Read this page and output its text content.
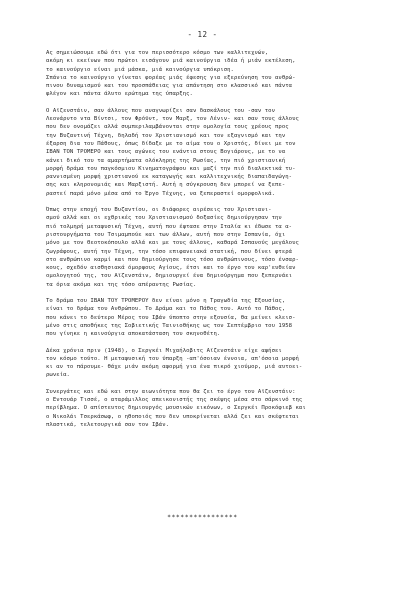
- 12 -

Ας σημειώσουμε εδώ ότι για τον περισσότερο κόσμο των καλλιτεχνών,

ακόμη κι εκείνων που πρώτοι εισάγουν μιά καινούργια ιδέα ή μιάν εκτέλεση,

το καινούργιο είναι μιά μάσκα, μιά καινούργια υπόκριση.

Σπάνια το καινούργιο γίνεται φορέας μιάς έφεσης για εξερεύνηση του ανθρώ-

πινου δυναμισμού και του προσπάθειας για απάντηση στο κλασσικό και πάντα

φλέγον και πάντα άλυτο ερώτημα της ύπαρξης.

Ο Αϊζενστάιν, σαν άλλους που αναγνωρίζει σαν δασκάλους του -σαν τον

Λεονάρντο ντα Βίντσι, τον Φρόϋντ, τον Μαρξ, τον Λένιν- και σαν τους άλλους

που δεν ονομάζει αλλά συμπεριλαμβάνονται στην ομολογία τους χρέους προς

την Βυζαντινή Τέχνη, δηλαδή τον Χριστιανισμό και τον εξαγνισμό και την

έξαρση δια του Πάθους, όπως δίδαξε με το αίμα του ο Χριστός, δίνει με τον

ΙΒΑΝ ΤΟΝ ΤΡΟΜΕΡΟ και τους αγώνες του ενάντια στους Βογιάρους, με το να

κάνει δικό του τα αμαρτήματα ολόκληρης της Ρωσίας, την πιό χριστιανική

μορφή δράμα του παγκόσμιου Κινηματογράφου και μαζί την πιό διαλεκτικά τυ-

ραννισμένη μορφή χριστιανού εκ καταγωγής και καλλιτεχνικής διαπαιδαγώγη-

σης και κληρονομιάς και Μαρξιστή. Αυτή η σύγκρουση δεν μπορεί να ξεπε-

ραστεί παρά μόνο μέσα από το Έργο Τέχνης, να ξεπεραστεί ομορφολικά.

Όπως στην εποχή του Βυζαντίου, οι διάφορες αιρέσεις του Χριστιανι-

σμού αλλά και οι εχθρικές του Χριστιανισμού δοξασίες δημιούργησαν την

πιό τολμηρή μεταφυσική Τέχνη, αυτή που έφτασε στην Ιταλία κι έδωσε τα α-

ριστουργήματα του Τσιμαμπούε και των άλλων, αυτή που στην Ισπανία, όχι

μόνο με τον Θεοτοκόπουλο αλλά και με τους άλλους, καθαρά Ισπανούς μεγάλους

ζωγράφους, αυτή την Τέχνη, την τόσο επιφανειακά στατική, που δίνει φτερά

στο ανθρώπινο καρμί και που δημιούργησε τους τόσο ανθρώπινους, τόσο ένσαρ-

κους, σχεδόν αισθησιακά όμορφους Αγίους, έτσι και το έργο του καρ'ευθείαν

ομολογητού της, του Αϊζενστάιν, δημιουργεί ένα δημιούργημα που ξεπερνάει

τα όρια ακόμα και της τόσο απέραντης Ρωσίας.

Το δράμα του ΙΒΑΝ ΤΟΥ ΤΡΟΜΕΡΟΥ δεν είναι μόνο η Τραγωδία της Εξουσίας,

είναι το δράμα του Ανθρώπου. Το Δράμα και το Πάθος του. Αυτό το Πάθος,

που κάνει το δεύτερο Μέρος του Ιβάν ύποπτο στην εξουσία, θα μείνει κλεισ-

μένο στις αποθήκες της Σοβιετικής Ταινιοθήκης ως τον Σεπτέμβριο του 1958

που γίνηκε η καινούργια αποκατάσταση του σκηνοθέτη.

Δέκα χρόνια πριν (1948), ο Σεργκέι Μιχαήλοβιτς Αϊζενστάιν είχε αφήσει

τον κόσμο τούτο. Η μεταφυσική του ύπαρξη -απ'όσοιαν έννοια, απ'όσοια μορφή

κι αν το πάρουμε- θάχε μιάν ακόμη αφορμή για ένα πικρό χιούμορ, μιά αυτοει-

ρωνεία.

Συνεργάτες και εδώ και στην αιωνιότητα που θα ζει το έργο του Αϊζενστάιν:

ο Εντουάρ Τισσέ, ο αταράμιλλος απεικονιστής της σκέψης μέσα στο σάρκινό της

περίβλημα. Ο απίστευτος δημιουργός μουσικών εικόνων, ο Σεργκέι Προκόφιεβ και

ο Νικολάι Τσερκάσωφ, ο ηθοποιός που δεν υποκρίνεται αλλά ζει και σκέφτεται

πλαστικά, τελετουργικά σαν τον Ιβάν.

****************
